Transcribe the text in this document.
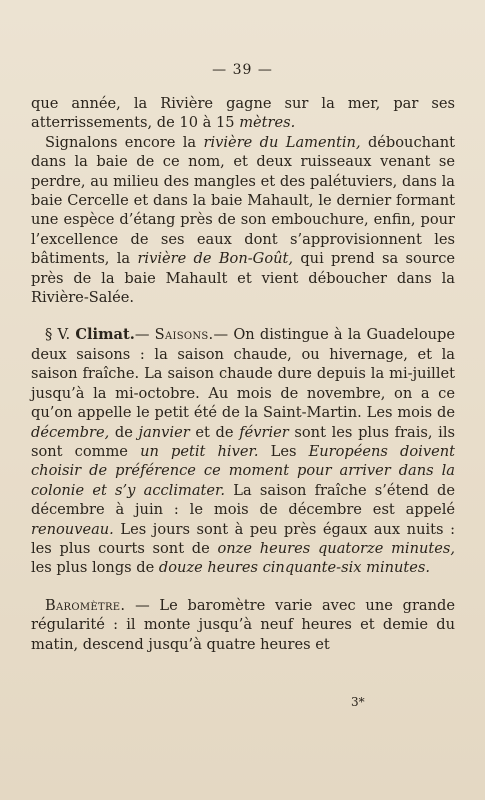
— 39 —

que année, la Rivière gagne sur la mer, par ses atterrissements, de 10 à 15 mètres.

Signalons encore la rivière du Lamentin, débouchant dans la baie de ce nom, et deux ruisseaux venant se perdre, au milieu des mangles et des palétuviers, dans la baie Cercelle et dans la baie Mahault, le dernier formant une espèce d’étang près de son embouchure, enfin, pour l’excellence de ses eaux dont s’approvisionnent les bâtiments, la rivière de Bon-Goût, qui prend sa source près de la baie Mahault et vient déboucher dans la Rivière-Salée.

§ V. Climat.— Saisons.— On distingue à la Guadeloupe deux saisons : la saison chaude, ou hivernage, et la saison fraîche. La saison chaude dure depuis la mi-juillet jusqu’à la mi-octobre. Au mois de novembre, on a ce qu’on appelle le petit été de la Saint-Martin. Les mois de décembre, de janvier et de février sont les plus frais, ils sont comme un petit hiver. Les Européens doivent choisir de préférence ce moment pour arriver dans la colonie et s’y acclimater. La saison fraîche s’étend de décembre à juin : le mois de décembre est appelé renouveau. Les jours sont à peu près égaux aux nuits : les plus courts sont de onze heures quatorze minutes, les plus longs de douze heures cinquante-six minutes.

Baromètre. — Le baromètre varie avec une grande régularité : il monte jusqu’à neuf heures et demie du matin, descend jusqu’à quatre heures et

3*
